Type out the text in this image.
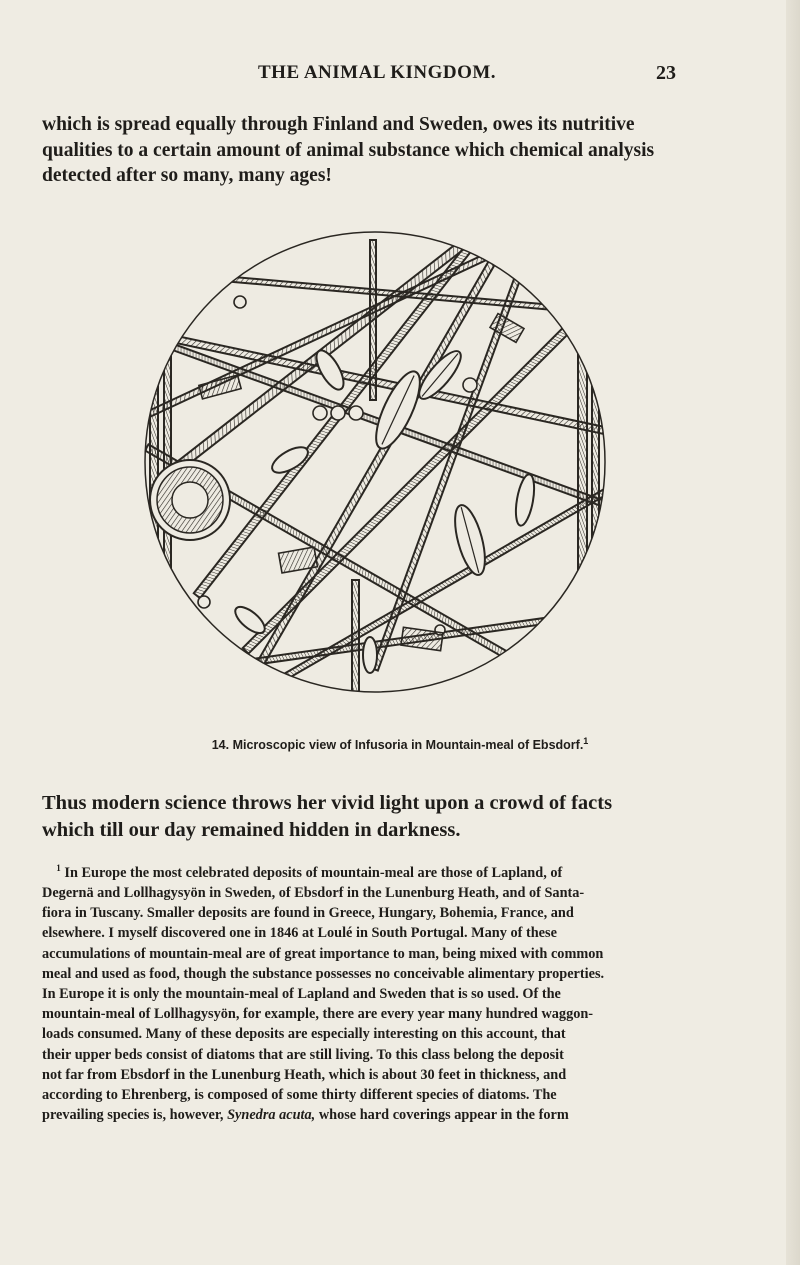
THE ANIMAL KINGDOM.	23
which is spread equally through Finland and Sweden, owes its nutritive
qualities to a certain amount of animal substance which chemical analysis
detected after so many, many ages!
14. Microscopic view of Infusoria in Mountain-meal of Ebsdorf.$^1$
Thus modern science throws her vivid light upon a crowd of facts
which till our day remained hidden in darkness.
 $^1$ In Europe the most celebrated deposits of mountain-meal are those of Lapland, of
Degernä and Lollhagysyön in Sweden, of Ebsdorf in the Lunenburg Heath, and of Santa-
fiora in Tuscany. Smaller deposits are found in Greece, Hungary, Bohemia, France, and
elsewhere. I myself discovered one in 1846 at Loulé in South Portugal. Many of these
accumulations of mountain-meal are of great importance to man, being mixed with common
meal and used as food, though the substance possesses no conceivable alimentary properties.
In Europe it is only the mountain-meal of Lapland and Sweden that is so used. Of the
mountain-meal of Lollhagysyön, for example, there are every year many hundred waggon-
loads consumed. Many of these deposits are especially interesting on this account, that
their upper beds consist of diatoms that are still living. To this class belong the deposit
not far from Ebsdorf in the Lunenburg Heath, which is about 30 feet in thickness, and
according to Ehrenberg, is composed of some thirty different species of diatoms. The
prevailing species is, however, Synedra acuta, whose hard coverings appear in the form
